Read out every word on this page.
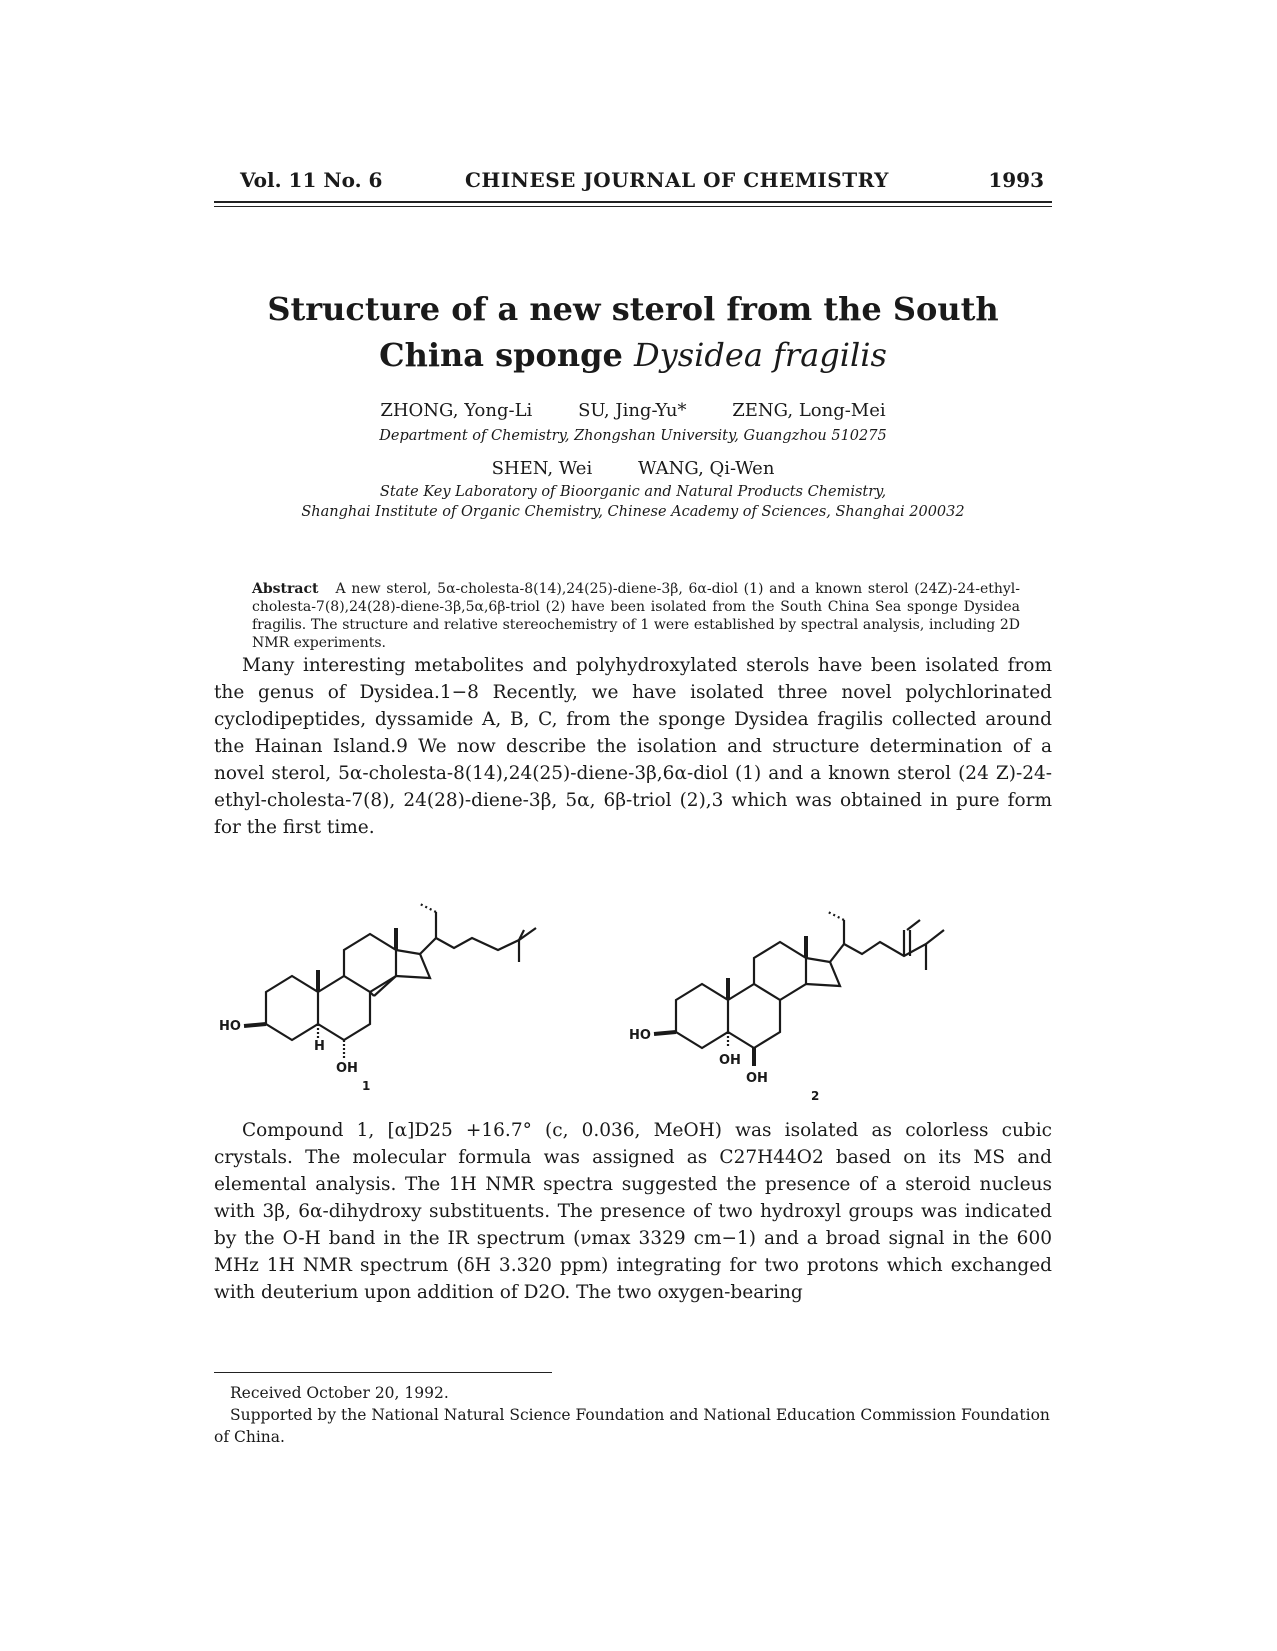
Vol. 11 No. 6	CHINESE JOURNAL OF CHEMISTRY	1993
Structure of a new sterol from the South
China sponge Dysidea fragilis
ZHONG, Yong-Li        SU, Jing-Yu*        ZENG, Long-Mei
Department of Chemistry, Zhongshan University, Guangzhou 510275
SHEN, Wei        WANG, Qi-Wen
State Key Laboratory of Bioorganic and Natural Products Chemistry,
Shanghai Institute of Organic Chemistry, Chinese Academy of Sciences, Shanghai 200032
Abstract A new sterol, 5α-cholesta-8(14),24(25)-diene-3β, 6α-diol (1) and a known sterol (24Z)-24-ethyl-cholesta-7(8),24(28)-diene-3β,5α,6β-triol (2) have been isolated from the South China Sea sponge Dysidea fragilis. The structure and relative stereochemistry of 1 were established by spectral analysis, including 2D NMR experiments.
Many interesting metabolites and polyhydroxylated sterols have been isolated from the genus of Dysidea.1−8 Recently, we have isolated three novel polychlorinated cyclodipeptides, dyssamide A, B, C, from the sponge Dysidea fragilis collected around the Hainan Island.9 We now describe the isolation and structure determination of a novel sterol, 5α-cholesta-8(14),24(25)-diene-3β,6α-diol (1) and a known sterol (24 Z)-24-ethyl-cholesta-7(8), 24(28)-diene-3β, 5α, 6β-triol (2),3 which was obtained in pure form for the first time.
HO
H
OH
1
HO
OH
OH
2
Compound 1, [α]D25 +16.7° (c, 0.036, MeOH) was isolated as colorless cubic crystals. The molecular formula was assigned as C27H44O2 based on its MS and elemental analysis. The 1H NMR spectra suggested the presence of a steroid nucleus with 3β, 6α-dihydroxy substituents. The presence of two hydroxyl groups was indicated by the O-H band in the IR spectrum (νmax 3329 cm−1) and a broad signal in the 600 MHz 1H NMR spectrum (δH 3.320 ppm) integrating for two protons which exchanged with deuterium upon addition of D2O. The two oxygen-bearing
Received October 20, 1992.
Supported by the National Natural Science Foundation and National Education Commission Foundation of China.
